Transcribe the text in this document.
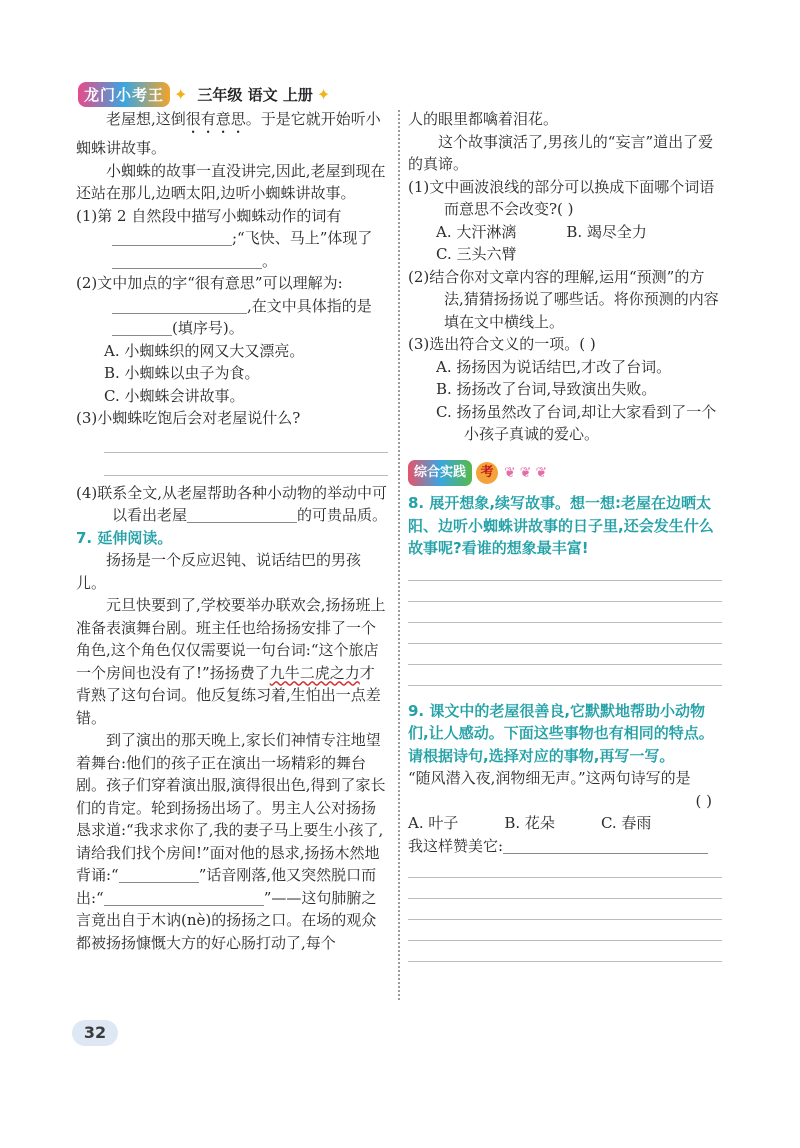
龙门小考王 ✦ 三年级 语文 上册 ✦

老屋想,这倒很有意思。于是它就开始听小蜘蛛讲故事。

小蜘蛛的故事一直没讲完,因此,老屋到现在还站在那儿,边晒太阳,边听小蜘蛛讲故事。

(1)第 2 自然段中描写小蜘蛛动作的词有;“飞快、马上”体现了。

(2)文中加点的字“很有意思”可以理解为:,在文中具体指的是(填序号)。

A. 小蜘蛛织的网又大又漂亮。

B. 小蜘蛛以虫子为食。

C. 小蜘蛛会讲故事。

(3)小蜘蛛吃饱后会对老屋说什么?

(4)联系全文,从老屋帮助各种小动物的举动中可以看出老屋	的可贵品质。

7. 延伸阅读。

扬扬是一个反应迟钝、说话结巴的男孩儿。

元旦快要到了,学校要举办联欢会,扬扬班上准备表演舞台剧。班主任也给扬扬安排了一个角色,这个角色仅仅需要说一句台词:“这个旅店一个房间也没有了!”扬扬费了九牛二虎之力才背熟了这句台词。他反复练习着,生怕出一点差错。

到了演出的那天晚上,家长们神情专注地望着舞台:他们的孩子正在演出一场精彩的舞台剧。孩子们穿着演出服,演得很出色,得到了家长们的肯定。轮到扬扬出场了。男主人公对扬扬恳求道:“我求求你了,我的妻子马上要生小孩了,请给我们找个房间!”面对他的恳求,扬扬木然地背诵:“	”话音刚落,他又突然脱口而出:“	”——这句肺腑之言竟出自于木讷(nè)的扬扬之口。在场的观众都被扬扬慷慨大方的好心肠打动了,每个

人的眼里都噙着泪花。

这个故事演活了,男孩儿的“妄言”道出了爱的真谛。

(1)文中画波浪线的部分可以换成下面哪个词语而意思不会改变?( )

A. 大汗淋漓	B. 竭尽全力

C. 三头六臂

(2)结合你对文章内容的理解,运用“预测”的方法,猜猜扬扬说了哪些话。将你预测的内容填在文中横线上。

(3)选出符合文义的一项。( )

A. 扬扬因为说话结巴,才改了台词。

B. 扬扬改了台词,导致演出失败。

C. 扬扬虽然改了台词,却让大家看到了一个小孩子真诚的爱心。

综合实践	考 ❦❦❦

8. 展开想象,续写故事。想一想:老屋在边晒太阳、边听小蜘蛛讲故事的日子里,还会发生什么故事呢?看谁的想象最丰富!

9. 课文中的老屋很善良,它默默地帮助小动物们,让人感动。下面这些事物也有相同的特点。请根据诗句,选择对应的事物,再写一写。

“随风潜入夜,润物细无声。”这两句诗写的是

( )

A. 叶子	B. 花朵	C. 春雨

我这样赞美它:

32
